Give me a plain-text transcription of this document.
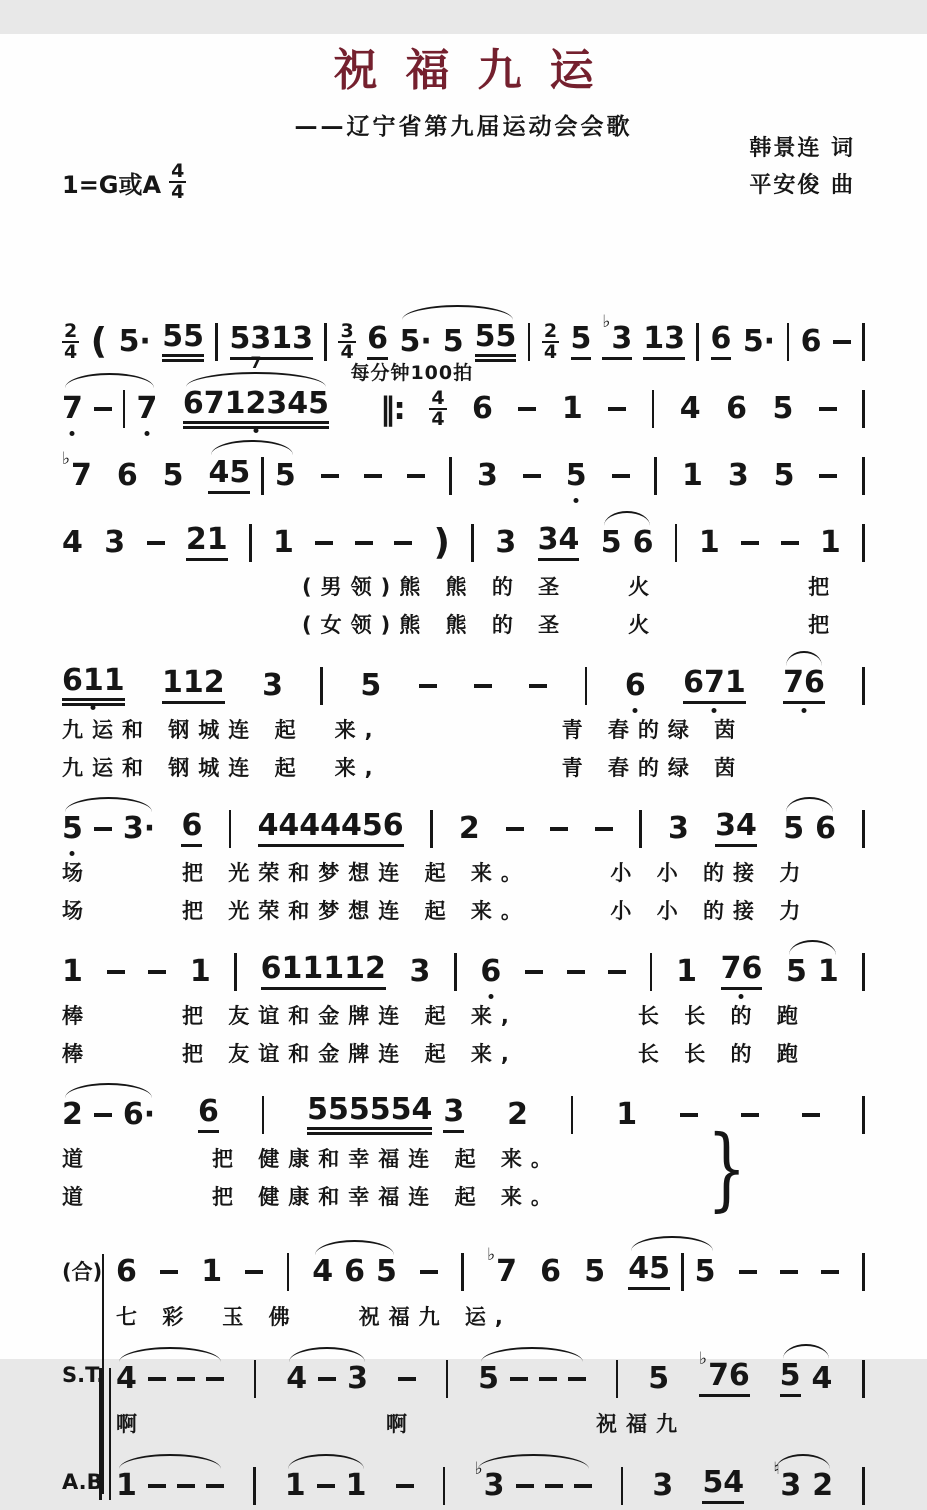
祝福九运
——辽宁省第九届运动会会歌
韩景连 词
平安俊 曲
1=G或A $\frac{4}{4}$
$\frac{2}{4}$ ( 5· 55 $5313 \frac{3}{4} 6$ 5· 5 $55 \frac{2}{4} 5$ ♭3 13 6 5· 6
7 7
7
6712345
每分钟100拍
‖: $\frac{4}{4} 6$ 1	4 6 5
♭7 6 5 45 5	3 5	1 3 5
4 3 21 1	) 3 34 5 6 1	1
　　　　　　　　(男领)熊 熊 的 圣　　火　　　　　把
　　　　　　　　(女领)熊 熊 的 圣　　火　　　　　把
611 112 3	5	6 671 76
九运和 钢城连 起　来,　　　　　　青 春的绿 茵
九运和 钢城连 起　来,　　　　　　青 春的绿 茵
5 3· 6 4444456 2	3 34 5 6
场　　　把 光荣和梦想连 起 来。　　　小 小 的接 力
场　　　把 光荣和梦想连 起 来。　　　小 小 的接 力
1	1 611112 3 6	1 76 5 1
棒　　　把 友谊和金牌连 起 来,　　　　长 长 的 跑
棒　　　把 友谊和金牌连 起 来,　　　　长 长 的 跑
2 6· 6	555554 3 2	1
道　　　　把 健康和幸福连 起 来。
道　　　　把 健康和幸福连 起 来。	}
(合) 6 1	4 6 5	♭7 6 5 45 5
七 彩　玉 佛　　祝福九 运,
S.T. 4	4 3	5	5
♭76 5 4
啊　　　　　　　　啊　　　　　　祝福九
A.B 1	1 1	♭3	3 54 ♮3 2
